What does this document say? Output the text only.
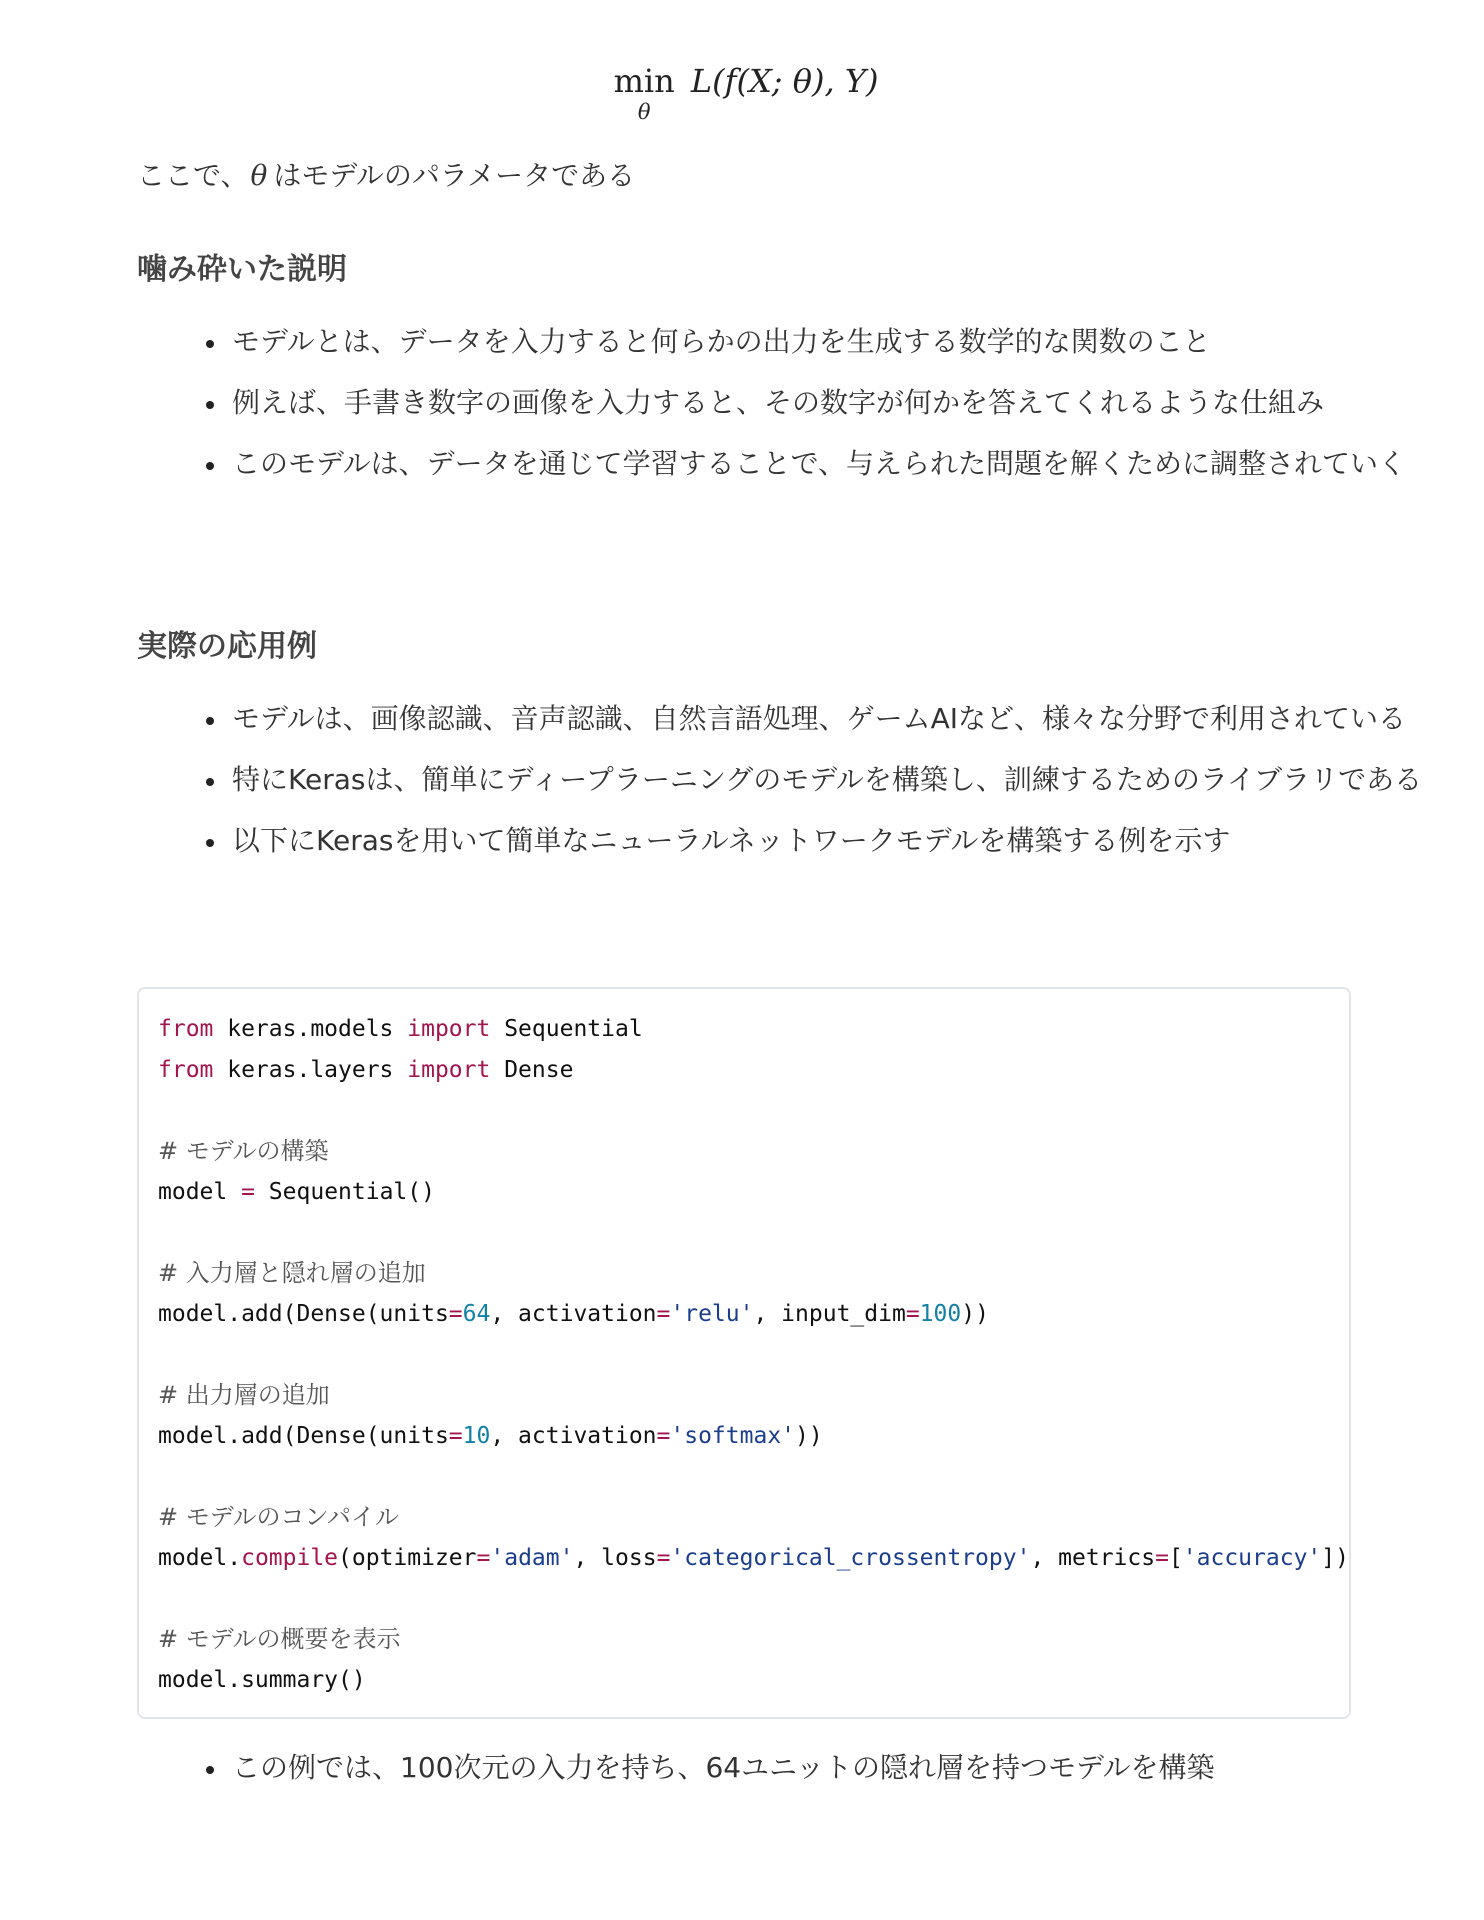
min
θ
L(f(X; θ), Y)
ここで、θ はモデルのパラメータである
噛み砕いた説明
モデルとは、データを入力すると何らかの出力を生成する数学的な関数のこと
例えば、手書き数字の画像を入力すると、その数字が何かを答えてくれるような仕組み
このモデルは、データを通じて学習することで、与えられた問題を解くために調整されていく
実際の応用例
モデルは、画像認識、音声認識、自然言語処理、ゲームAIなど、様々な分野で利用されている
特にKerasは、簡単にディープラーニングのモデルを構築し、訓練するためのライブラリである
以下にKerasを用いて簡単なニューラルネットワークモデルを構築する例を示す
from keras.models import Sequential
from keras.layers import Dense
# モデルの構築
model = Sequential()
# 入力層と隠れ層の追加
model.add(Dense(units=64, activation='relu', input_dim=100))
# 出力層の追加
model.add(Dense(units=10, activation='softmax'))
# モデルのコンパイル
model.compile(optimizer='adam', loss='categorical_crossentropy', metrics=['accuracy'])
# モデルの概要を表示
model.summary()
この例では、100次元の入力を持ち、64ユニットの隠れ層を持つモデルを構築
